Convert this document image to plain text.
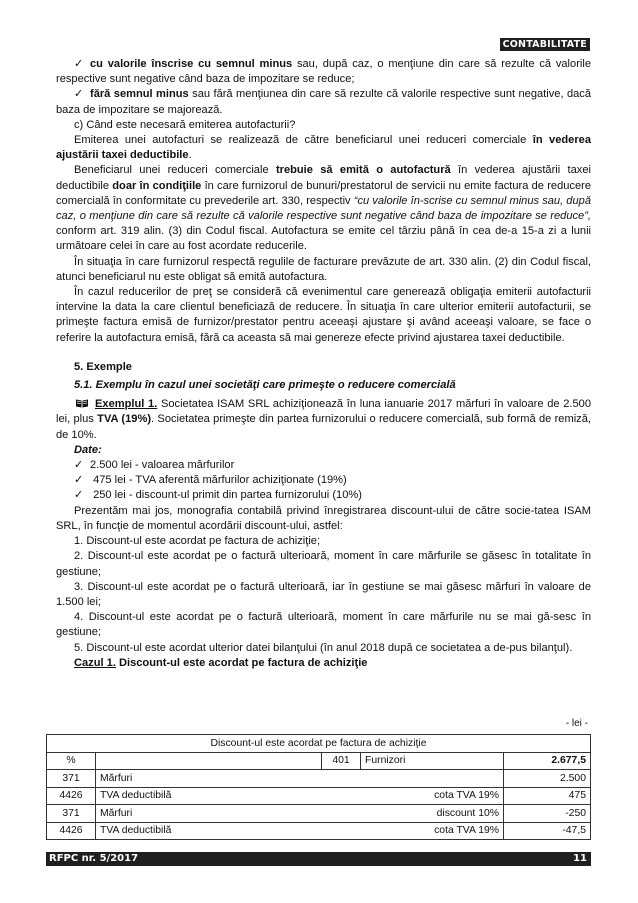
CONTABILITATE

✓ cu valorile înscrise cu semnul minus sau, după caz, o menţiune din care să rezulte că valorile respective sunt negative când baza de impozitare se reduce;

✓ fără semnul minus sau fără menţiunea din care să rezulte că valorile respective sunt negative, dacă baza de impozitare se majorează.

c) Când este necesară emiterea autofacturii?

Emiterea unei autofacturi se realizează de către beneficiarul unei reduceri comerciale în vederea ajustării taxei deductibile.

Beneficiarul unei reduceri comerciale trebuie să emită o autofactură în vederea ajustării taxei deductibile doar în condiţiile în care furnizorul de bunuri/prestatorul de servicii nu emite factura de reducere comercială în conformitate cu prevederile art. 330, respectiv “cu valorile în-scrise cu semnul minus sau, după caz, o menţiune din care să rezulte că valorile respective sunt negative când baza de impozitare se reduce”, conform art. 319 alin. (3) din Codul fiscal. Autofactura se emite cel târziu până în cea de-a 15-a zi a lunii următoare celei în care au fost acordate reducerile.

În situaţia în care furnizorul respectă regulile de facturare prevăzute de art. 330 alin. (2) din Codul fiscal, atunci beneficiarul nu este obligat să emită autofactura.

În cazul reducerilor de preţ se consideră că evenimentul care generează obligaţia emiterii autofacturii intervine la data la care clientul beneficiază de reducere. În situaţia în care ulterior emiterii autofacturii, se primeşte factura emisă de furnizor/prestator pentru aceeaşi ajustare şi având aceeaşi valoare, se face o referire la autofactura emisă, fără ca aceasta să mai genereze efecte privind ajustarea taxei deductibile.

5. Exemple

5.1. Exemplu în cazul unei societăţi care primeşte o reducere comercială

Exemplul 1. Societatea ISAM SRL achiziţionează în luna ianuarie 2017 mărfuri în valoare de 2.500 lei, plus TVA (19%). Societatea primeşte din partea furnizorului o reducere comercială, sub formă de remiză, de 10%.

Date:

✓ 2.500 lei - valoarea mărfurilor

✓ 475 lei - TVA aferentă mărfurilor achiziţionate (19%)

✓ 250 lei - discount-ul primit din partea furnizorului (10%)

Prezentăm mai jos, monografia contabilă privind înregistrarea discount-ului de către socie-tatea ISAM SRL, în funcţie de momentul acordării discount-ului, astfel:

1. Discount-ul este acordat pe factura de achiziţie;

2. Discount-ul este acordat pe o factură ulterioară, moment în care mărfurile se găsesc în totalitate în gestiune;

3. Discount-ul este acordat pe o factură ulterioară, iar în gestiune se mai găsesc mărfuri în valoare de 1.500 lei;

4. Discount-ul este acordat pe o factură ulterioară, moment în care mărfurile nu se mai gă-sesc în gestiune;

5. Discount-ul este acordat ulterior datei bilanţului (în anul 2018 după ce societatea a de-pus bilanţul).

Cazul 1. Discount-ul este acordat pe factura de achiziţie

- lei -
Discount-ul este acordat pe factura de achiziţie				
%		401	Furnizori	2.677,5
371	Mărfuri			2.500
4426	TVA deductibilă cota TVA 19%			475
371	Mărfuri discount 10%			-250
4426	TVA deductibilă cota TVA 19%			-47,5
RFPC nr. 5/2017	11
